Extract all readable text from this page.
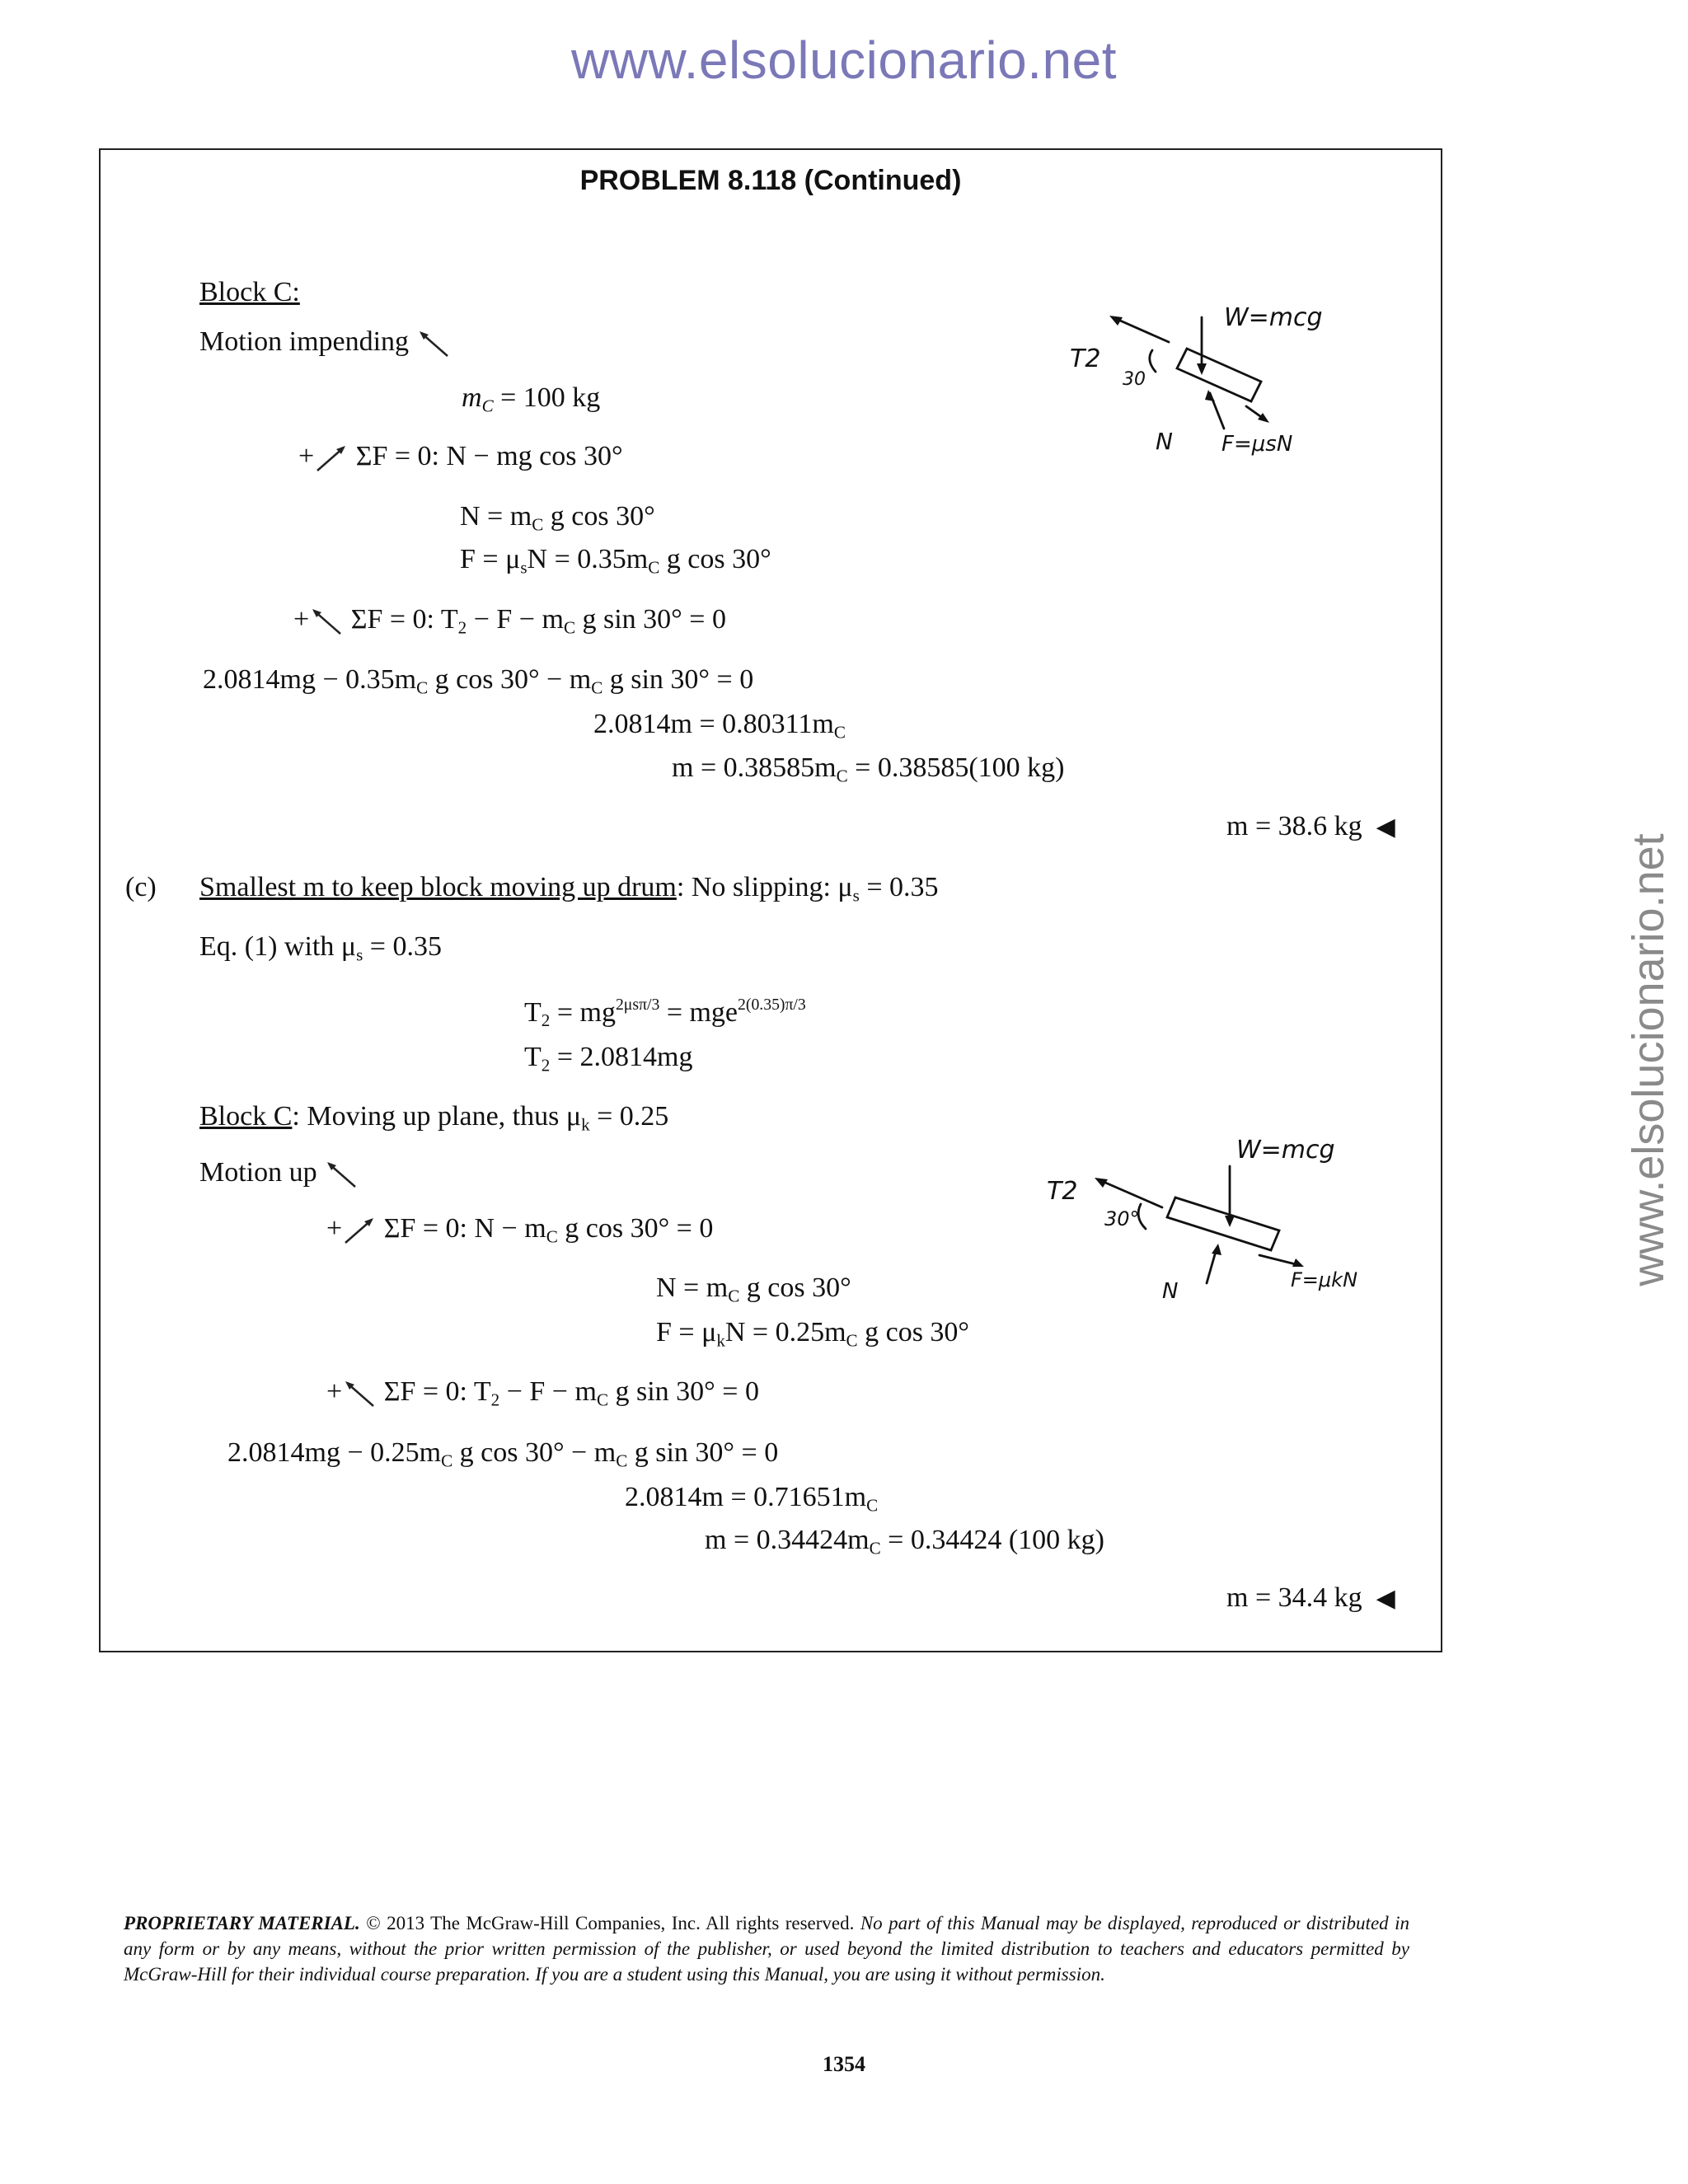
www.elsolucionario.net
www.elsolucionario.net
PROBLEM 8.118 (Continued)
Block C:
Motion impending
$m_C = 100$ kg
+ ΣF = 0: N − mg cos 30°
$N = m_C$ g cos 30°
$F = \mu_sN = 0.35m_C$ g cos 30°
+ ΣF = 0: $T_2 - F - m_C$ g sin 30° = 0
$2.0814mg - 0.35m_C$ g $\cos 30^\circ - m_C$ g sin 30° = 0
$2.0814m = 0.80311m_C$
$m = 0.38585m_C = 0.38585(100$ kg)
m = 38.6 kg ◀
(c) Smallest m to keep block moving up drum: No slipping: $\mu_s = 0.35$
Eq. (1) with $\mu_s = 0.35$
$T_2 = mg^{2\mu s\pi/3} = mge^{2(0.35)\pi/3}$
$T_2 = 2.0814mg$
Block C: Moving up plane, thus $\mu_k = 0.25$
Motion up
+ ΣF = 0: $N - m_C$ g cos 30° = 0
$N = m_C$ g cos 30°
$F = \mu_kN = 0.25m_C$ g cos 30°
+ ΣF = 0: $T_2 - F - m_C$ g sin 30° = 0
$2.0814mg - 0.25m_C$ g $\cos 30^\circ - m_C$ g sin 30° = 0
$2.0814m = 0.71651m_C$
$m = 0.34424m_C = 0.34424$ (100 kg)
m = 34.4 kg ◀
W=mcg
T2
30
N F=μsN
W=mcg
T2
30°
N	F=μkN
PROPRIETARY MATERIAL. © 2013 The McGraw-Hill Companies, Inc. All rights reserved. No part of this Manual may be displayed, reproduced or distributed in any form or by any means, without the prior written permission of the publisher, or used beyond the limited distribution to teachers and educators permitted by McGraw-Hill for their individual course preparation. If you are a student using this Manual, you are using it without permission.
1354
